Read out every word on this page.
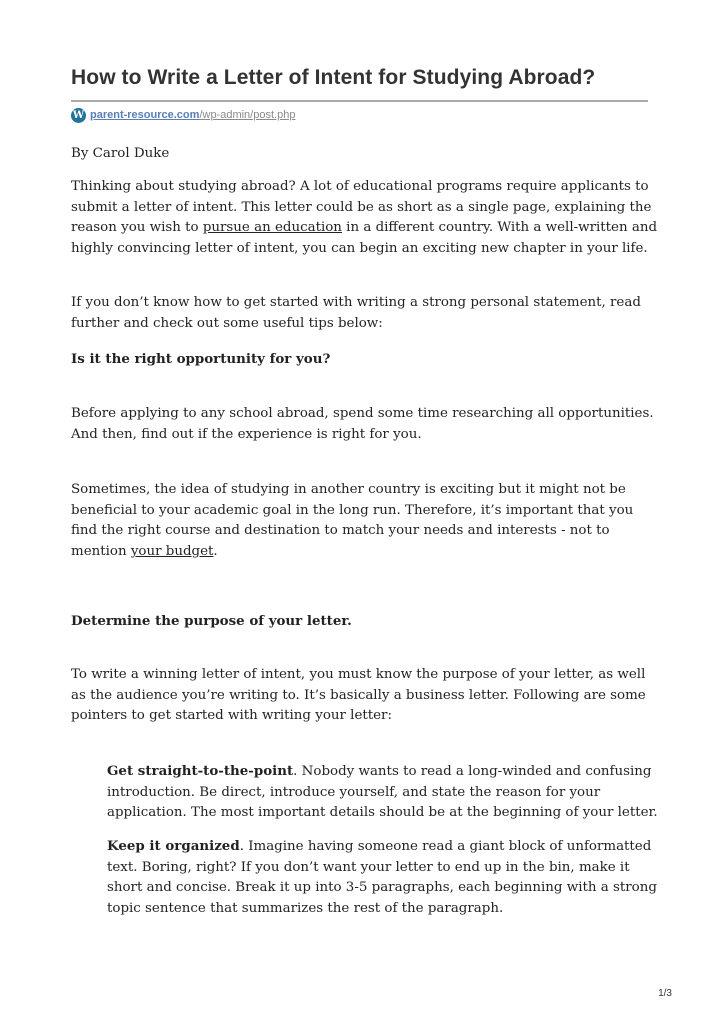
How to Write a Letter of Intent for Studying Abroad?
W parent-resource.com /wp-admin/post.php

By Carol Duke

Thinking about studying abroad? A lot of educational programs require applicants to submit a letter of intent. This letter could be as short as a single page, explaining the reason you wish to pursue an education in a different country. With a well-written and highly convincing letter of intent, you can begin an exciting new chapter in your life.

If you don’t know how to get started with writing a strong personal statement, read further and check out some useful tips below:

Is it the right opportunity for you?

Before applying to any school abroad, spend some time researching all opportunities. And then, find out if the experience is right for you.

Sometimes, the idea of studying in another country is exciting but it might not be beneficial to your academic goal in the long run. Therefore, it’s important that you find the right course and destination to match your needs and interests - not to mention your budget.

Determine the purpose of your letter.

To write a winning letter of intent, you must know the purpose of your letter, as well as the audience you’re writing to. It’s basically a business letter. Following are some pointers to get started with writing your letter:

Get straight-to-the-point. Nobody wants to read a long-winded and confusing introduction. Be direct, introduce yourself, and state the reason for your application. The most important details should be at the beginning of your letter.

Keep it organized. Imagine having someone read a giant block of unformatted text. Boring, right? If you don’t want your letter to end up in the bin, make it short and concise. Break it up into 3-5 paragraphs, each beginning with a strong topic sentence that summarizes the rest of the paragraph.

1/3
